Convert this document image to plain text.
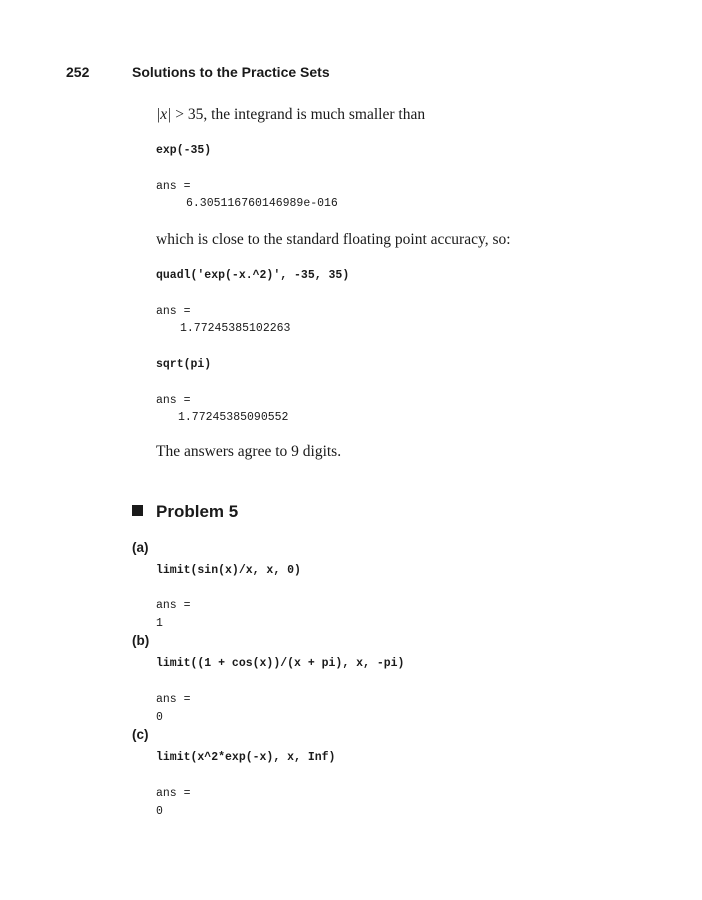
252	Solutions to the Practice Sets
|x| > 35, the integrand is much smaller than
exp(-35)
ans =
6.305116760146989e-016
which is close to the standard floating point accuracy, so:
quadl('exp(-x.^2)', -35, 35)
ans =
1.77245385102263
sqrt(pi)
ans =
1.77245385090552
The answers agree to 9 digits.
Problem 5
(a)
limit(sin(x)/x, x, 0)
ans =
1
(b)
limit((1 + cos(x))/(x + pi), x, -pi)
ans =
0
(c)
limit(x^2*exp(-x), x, Inf)
ans =
0
